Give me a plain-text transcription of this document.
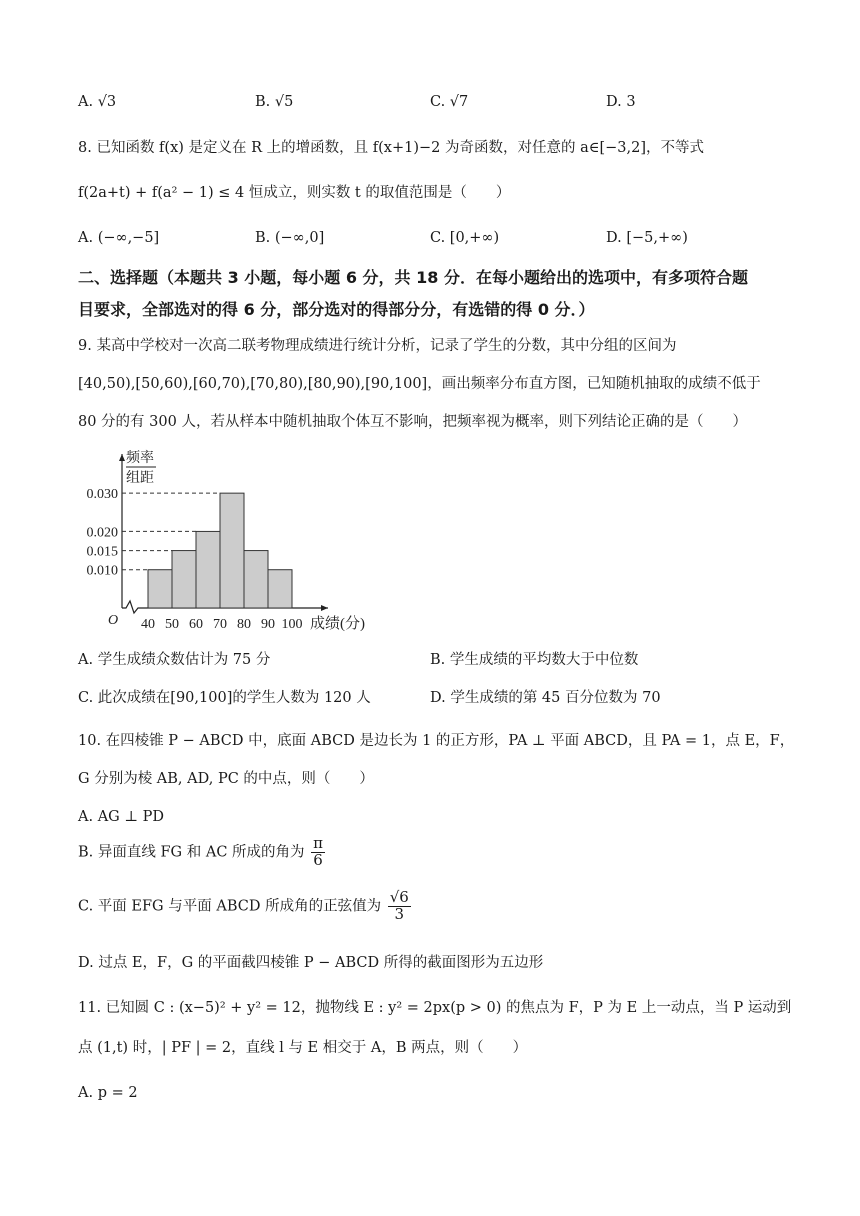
A. √3	B. √5	C. √7	D. 3
8. 已知函数 f(x) 是定义在 R 上的增函数，且 f(x+1)−2 为奇函数，对任意的 a∈[−3,2]，不等式
f(2a+t) + f(a² − 1) ≤ 4 恒成立，则实数 t 的取值范围是（　　）
A. (−∞,−5]	B. (−∞,0]	C. [0,+∞)	D. [−5,+∞)
二、选择题（本题共 3 小题，每小题 6 分，共 18 分．在每小题给出的选项中，有多项符合题
目要求，全部选对的得 6 分，部分选对的得部分分，有选错的得 0 分．）
9. 某高中学校对一次高二联考物理成绩进行统计分析，记录了学生的分数，其中分组的区间为
[40,50),[50,60),[60,70),[70,80),[80,90),[90,100]，画出频率分布直方图，已知随机抽取的成绩不低于
80 分的有 300 人，若从样本中随机抽取个体互不影响，把频率视为概率，则下列结论正确的是（　　）
频率
组距
O	成绩(分)
0.030
0.020
0.015
0.010
40 50 60 70 80 90 100
A. 学生成绩众数估计为 75 分	B. 学生成绩的平均数大于中位数
C. 此次成绩在[90,100]的学生人数为 120 人	D. 学生成绩的第 45 百分位数为 70
10. 在四棱锥 P − ABCD 中，底面 ABCD 是边长为 1 的正方形，PA ⊥ 平面 ABCD，且 PA = 1，点 E，F，
G 分别为棱 AB, AD, PC 的中点，则（　　）
A. AG ⊥ PD
B. 异面直线 FG 和 AC 所成的角为 $\frac{\pi}{6}$
C. 平面 EFG 与平面 ABCD 所成角的正弦值为 $\frac{√6}{3}$
D. 过点 E，F，G 的平面截四棱锥 P − ABCD 所得的截面图形为五边形
11. 已知圆 C : (x−5)² + y² = 12，抛物线 E : y² = 2px(p > 0) 的焦点为 F，P 为 E 上一动点，当 P 运动到
点 (1,t) 时，| PF | = 2，直线 l 与 E 相交于 A，B 两点，则（　　）
A. p = 2
